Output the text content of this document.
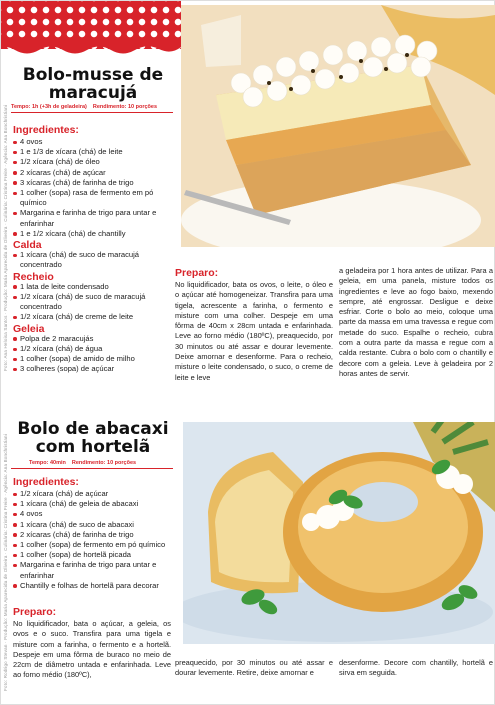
Foto: Ana Heloisa Santos · Produção: Maria Aparecida de Oliveira · Culinária: Cristina Freire · Agência: Ana Bonchristiani
Foto: Rodrigo Stevan · Produção: Maria Aparecida de Oliveira · Culinária: Cristina Freire · Agência: Ana Bonchristiani
Bolo-musse de maracujá
Tempo: 1h (+3h de geladeira) Rendimento: 10 porções
Ingredientes:
4 ovos
1 e 1/3 de xícara (chá) de leite
1/2 xícara (chá) de óleo
2 xícaras (chá) de açúcar
3 xícaras (chá) de farinha de trigo
1 colher (sopa) rasa de fermento em pó químico
Margarina e farinha de trigo para untar e enfarinhar
1 e 1/2 xícara (chá) de chantilly
Calda
1 xícara (chá) de suco de maracujá concentrado
Recheio
1 lata de leite condensado
1/2 xícara (chá) de suco de maracujá concentrado
1/2 xícara (chá) de creme de leite
Geleia
Polpa de 2 maracujás
1/2 xícara (chá) de água
1 colher (sopa) de amido de milho
3 colheres (sopa) de açúcar
Preparo:
No liquidificador, bata os ovos, o leite, o óleo e o açúcar até homogeneizar. Transfira para uma tigela, acrescente a farinha, o fermento e misture com uma colher. Despeje em uma fôrma de 40cm x 28cm untada e enfarinhada. Leve ao forno médio (180ºC), preaquecido, por 30 minutos ou até assar e dourar levemente. Deixe amornar e desenforme. Para o recheio, misture o leite condensado, o suco, o creme de leite e leve
a geladeira por 1 hora antes de utilizar. Para a geleia, em uma panela, misture todos os ingredientes e leve ao fogo baixo, mexendo sempre, até engrossar. Desligue e deixe esfriar. Corte o bolo ao meio, coloque uma parte da massa em uma travessa e regue com metade do suco. Espalhe o recheio, cubra com a outra parte da massa e regue com a calda restante. Cubra o bolo com o chantilly e decore com a geleia. Leve à geladeira por 2 horas antes de servir.
Bolo de abacaxi com hortelã
Tempo: 40min Rendimento: 10 porções
Ingredientes:
1/2 xícara (chá) de açúcar
1 xícara (chá) de geleia de abacaxi
4 ovos
1 xícara (chá) de suco de abacaxi
2 xícaras (chá) de farinha de trigo
1 colher (sopa) de fermento em pó químico
1 colher (sopa) de hortelã picada
Margarina e farinha de trigo para untar e enfarinhar
Chantilly e folhas de hortelã para decorar
Preparo:
No liquidificador, bata o açúcar, a geleia, os ovos e o suco. Transfira para uma tigela e misture com a farinha, o fermento e a hortelã. Despeje em uma fôrma de buraco no meio de 22cm de diâmetro untada e enfarinhada. Leve ao forno médio (180ºC),
preaquecido, por 30 minutos ou até assar e dourar levemente. Retire, deixe amornar e
desenforme. Decore com chantilly, hortelã e sirva em seguida.
